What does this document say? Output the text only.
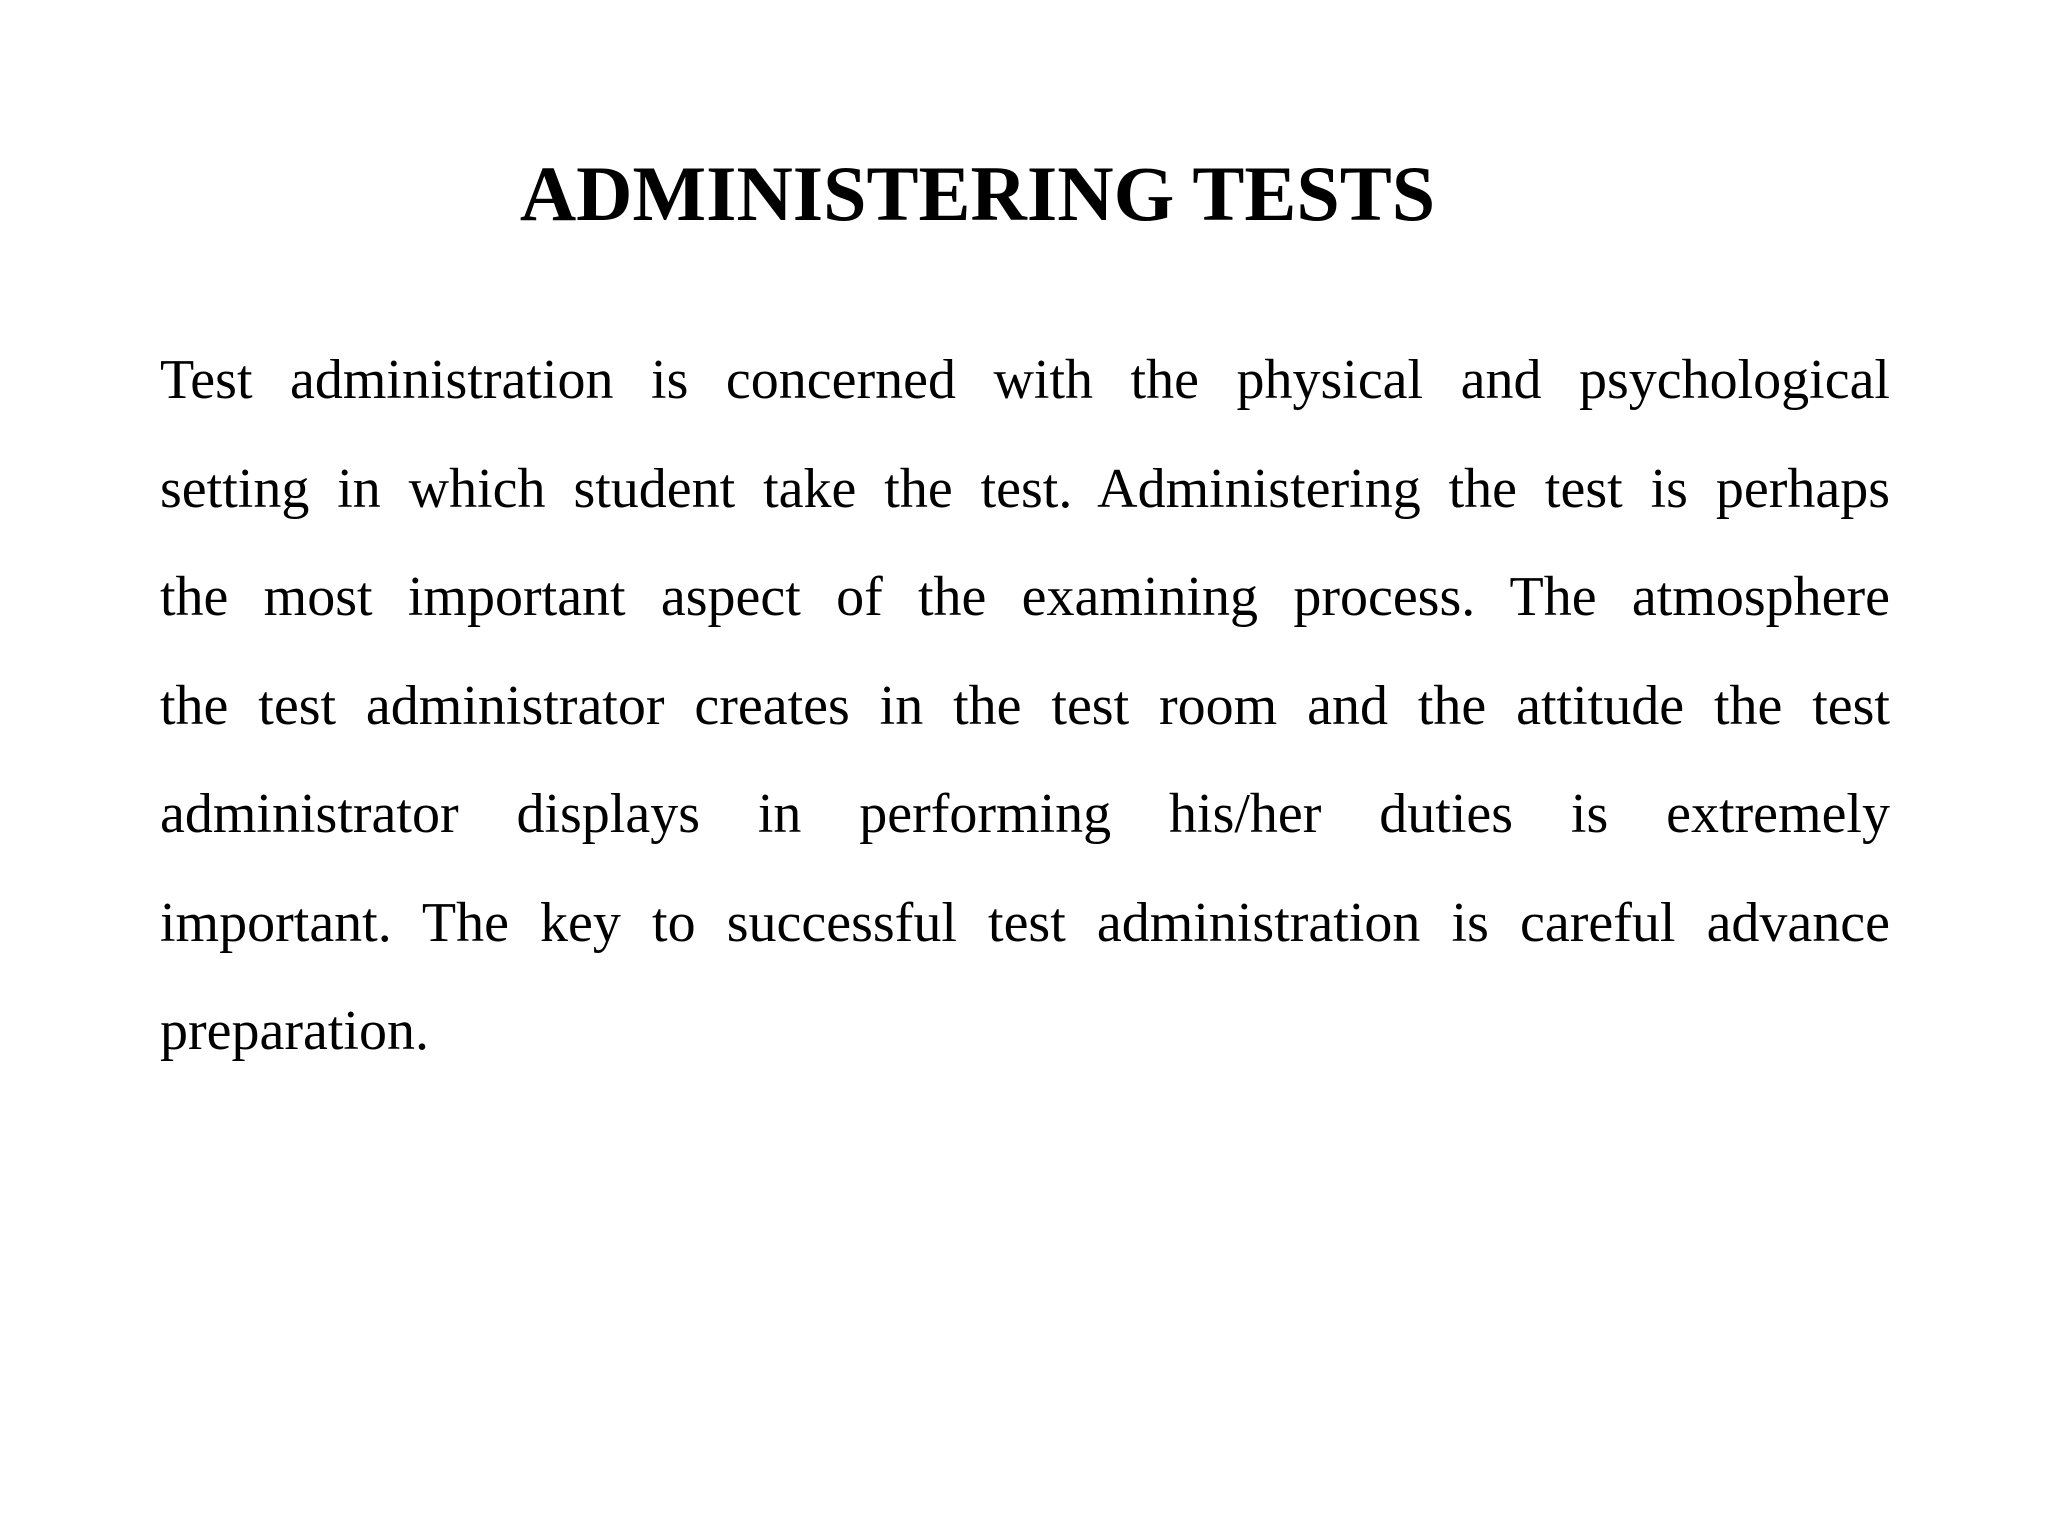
ADMINISTERING TESTS
Test administration is concerned with the physical and psychological
setting in which student take the test. Administering the test is perhaps
the most important aspect of the examining process. The atmosphere
the test administrator creates in the test room and the attitude the test
administrator displays in performing his/her duties is extremely
important. The key to successful test administration is careful advance
preparation.
